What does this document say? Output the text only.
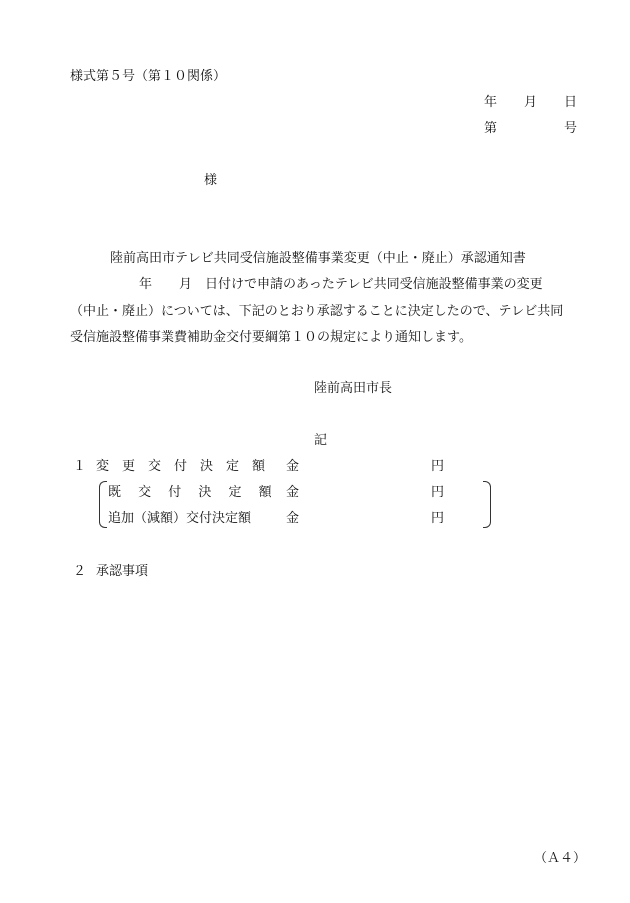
様式第５号（第１０関係）
年 月 日
第	号
様
陸前高田市テレビ共同受信施設整備事業変更（中止・廃止）承認通知書
年 月 日付けで申請のあったテレビ共同受信施設整備事業の変更
（中止・廃止）については、下記のとおり承認することに決定したので、テレビ共同
受信施設整備事業費補助金交付要綱第１０の規定により通知します。
陸前高田市長
記
１ 変　更　交　付　決　定　額 金	円
既　 交　 付　 決　 定　 額 金	円
追加（減額）交付決定額	金	円
２ 承認事項
（Ａ４）
